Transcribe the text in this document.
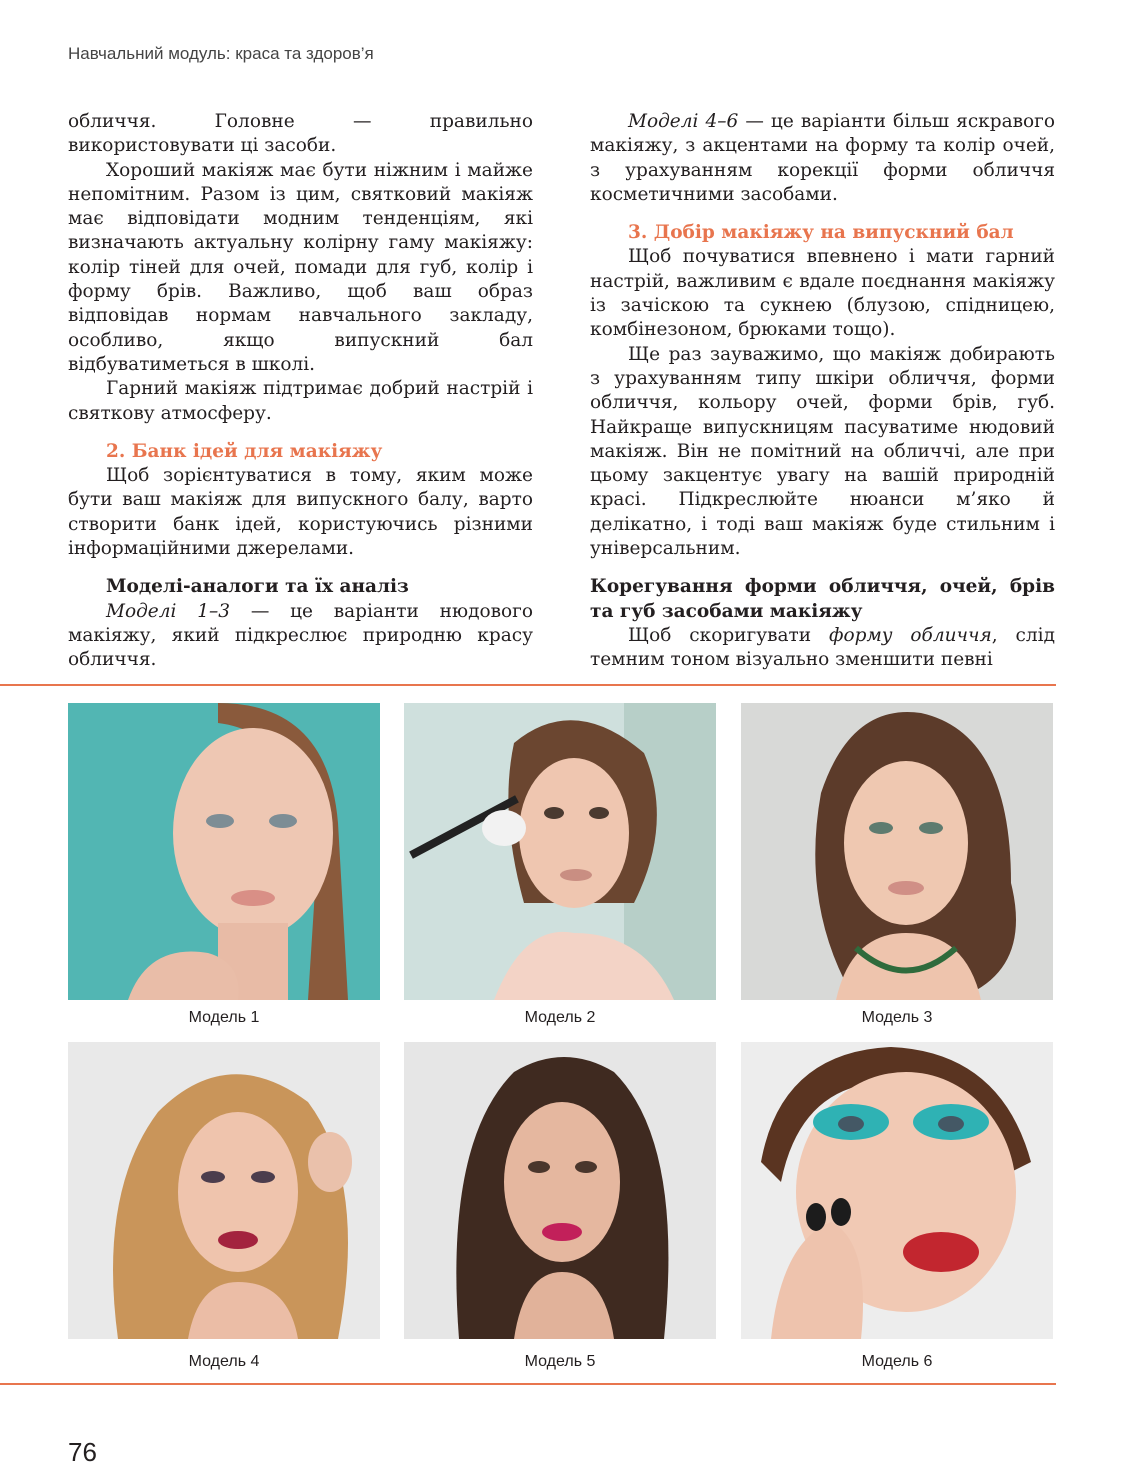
Навчальний модуль: краса та здоров’я

обличчя. Головне — правильно використовувати ці засоби.

Хороший макіяж має бути ніжним і майже непомітним. Разом із цим, святковий макіяж має відповідати модним тенденціям, які визначають актуальну колірну гаму макіяжу: колір тіней для очей, помади для губ, колір і форму брів. Важливо, щоб ваш образ відповідав нормам навчального закладу, особливо, якщо випускний бал відбуватиметься в школі.

Гарний макіяж підтримає добрий настрій і святкову атмосферу.

2. Банк ідей для макіяжу

Щоб зорієнтуватися в тому, яким може бути ваш макіяж для випускного балу, варто створити банк ідей, користуючись різними інформаційними джерелами.

Моделі-аналоги та їх аналіз

Моделі 1–3 — це варіанти нюдового макіяжу, який підкреслює природню красу обличчя.

Моделі 4–6 — це варіанти більш яскравого макіяжу, з акцентами на форму та колір очей, з урахуванням корекції форми обличчя косметичними засобами.

3. Добір макіяжу на випускний бал

Щоб почуватися впевнено і мати гарний настрій, важливим є вдале поєднання макіяжу із зачіскою та сукнею (блузою, спідницею, комбінезоном, брюками тощо).

Ще раз зауважимо, що макіяж добирають з урахуванням типу шкіри обличчя, форми обличчя, кольору очей, форми брів, губ. Найкраще випускницям пасуватиме нюдовий макіяж. Він не помітний на обличчі, але при цьому закцентує увагу на вашій природній красі. Підкреслюйте нюанси м’яко й делікатно, і тоді ваш макіяж буде стильним і універсальним.

Корегування форми обличчя, очей, брів та губ засобами макіяжу

Щоб скоригувати форму обличчя, слід темним тоном візуально зменшити певні

Модель 1	Модель 2	Модель 3
Модель 4	Модель 5	Модель 6
76
